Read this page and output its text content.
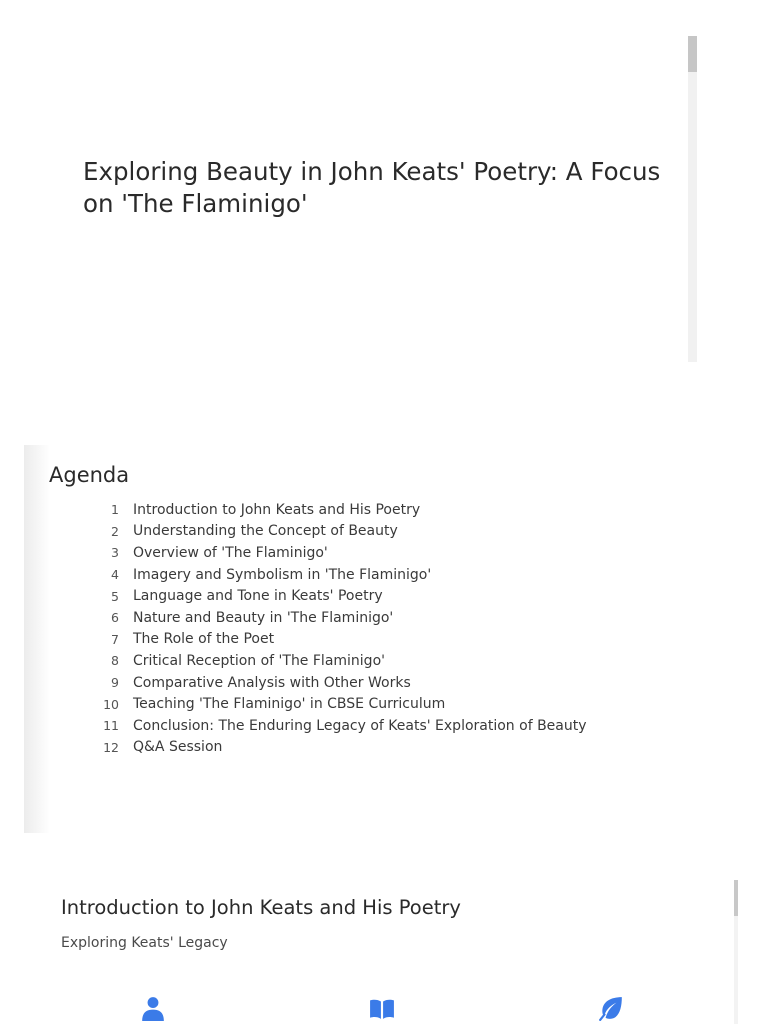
Exploring Beauty in John Keats' Poetry: A Focus on 'The Flaminigo'
Agenda
1 Introduction to John Keats and His Poetry
2 Understanding the Concept of Beauty
3 Overview of 'The Flaminigo'
4 Imagery and Symbolism in 'The Flaminigo'
5 Language and Tone in Keats' Poetry
6 Nature and Beauty in 'The Flaminigo'
7 The Role of the Poet
8 Critical Reception of 'The Flaminigo'
9 Comparative Analysis with Other Works
10 Teaching 'The Flaminigo' in CBSE Curriculum
11 Conclusion: The Enduring Legacy of Keats' Exploration of Beauty
12 Q&A Session
Introduction to John Keats and His Poetry

Exploring Keats' Legacy
